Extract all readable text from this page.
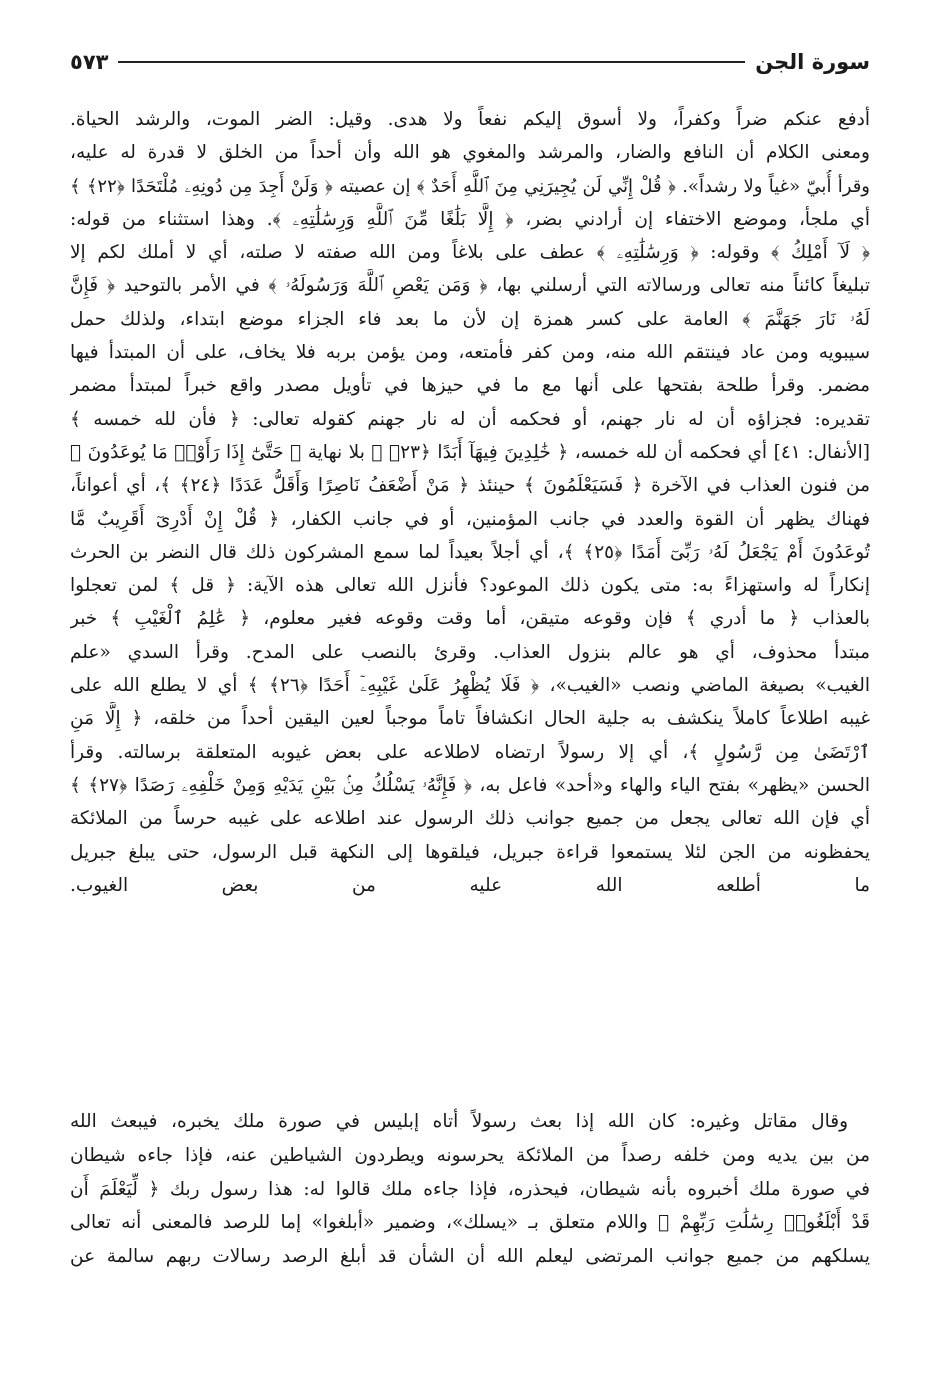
سورة الجن
٥٧٣
أدفع عنكم ضراً وكفراً، ولا أسوق إليكم نفعاً ولا هدى. وقيل: الضر الموت، والرشد الحياة.
ومعنى الكلام أن النافع والضار، والمرشد والمغوي هو الله وأن أحداً من الخلق لا قدرة له عليه،
وقرأ أُبيّ «غياً ولا رشداً». ﴿ قُلْ إِنِّي لَن يُجِيرَنِي مِنَ ٱللَّهِ أَحَدٌ ﴾ إن عصيته ﴿ وَلَنْ أَجِدَ مِن دُونِهِۦ مُلْتَحَدًا ﴿٢٢﴾ ﴾
أي ملجأ، وموضع الاختفاء إن أرادني بضر، ﴿ إِلَّا بَلَٰغًا مِّنَ ٱللَّهِ وَرِسَٰلَٰتِهِۦ ﴾. وهذا استثناء من قوله:
﴿ لَآ أَمْلِكُ ﴾ وقوله: ﴿ وَرِسَٰلَٰتِهِۦ ﴾ عطف على بلاغاً ومن الله صفته لا صلته، أي لا أملك لكم إلا
تبليغاً كائناً منه تعالى ورسالاته التي أرسلني بها، ﴿ وَمَن يَعْصِ ٱللَّهَ وَرَسُولَهُۥ ﴾ في الأمر بالتوحيد ﴿ فَإِنَّ
لَهُۥ نَارَ جَهَنَّمَ ﴾ العامة على كسر همزة إن لأن ما بعد فاء الجزاء موضع ابتداء، ولذلك حمل
سيبويه ومن عاد فينتقم الله منه، ومن كفر فأمتعه، ومن يؤمن بربه فلا يخاف، على أن المبتدأ فيها
مضمر. وقرأ طلحة بفتحها على أنها مع ما في حيزها في تأويل مصدر واقع خبراً لمبتدأ مضمر
تقديره: فجزاؤه أن له نار جهنم، أو فحكمه أن له نار جهنم كقوله تعالى: ﴿ فأن لله خمسه ﴾
[الأنفال: ٤١] أي فحكمه أن لله خمسه، ﴿ خَٰلِدِينَ فِيهَآ أَبَدًا ﴿٢٣﴾ ﴾ بلا نهاية ﴿ حَتَّىٰٓ إِذَا رَأَوْا۟ مَا يُوعَدُونَ ﴾
من فنون العذاب في الآخرة ﴿ فَسَيَعْلَمُونَ ﴾ حينئذ ﴿ مَنْ أَضْعَفُ نَاصِرًا وَأَقَلُّ عَدَدًا ﴿٢٤﴾ ﴾، أي أعواناً،
فهناك يظهر أن القوة والعدد في جانب المؤمنين، أو في جانب الكفار، ﴿ قُلْ إِنْ أَدْرِىٓ أَقَرِيبٌ مَّا
تُوعَدُونَ أَمْ يَجْعَلُ لَهُۥ رَبِّىٓ أَمَدًا ﴿٢٥﴾ ﴾، أي أجلاً بعيداً لما سمع المشركون ذلك قال النضر بن الحرث
إنكاراً له واستهزاءً به: متى يكون ذلك الموعود؟ فأنزل الله تعالى هذه الآية: ﴿ قل ﴾ لمن تعجلوا
بالعذاب ﴿ ما أدري ﴾ فإن وقوعه متيقن، أما وقت وقوعه فغير معلوم، ﴿ عَٰلِمُ ٱلْغَيْبِ ﴾ خبر
مبتدأ محذوف، أي هو عالم بنزول العذاب. وقرئ بالنصب على المدح. وقرأ السدي «علم
الغيب» بصيغة الماضي ونصب «الغيب»، ﴿ فَلَا يُظْهِرُ عَلَىٰ غَيْبِهِۦٓ أَحَدًا ﴿٢٦﴾ ﴾ أي لا يطلع الله على
غيبه اطلاعاً كاملاً ينكشف به جلية الحال انكشافاً تاماً موجباً لعين اليقين أحداً من خلقه، ﴿ إِلَّا مَنِ
ٱرْتَضَىٰ مِن رَّسُولٍ ﴾، أي إلا رسولاً ارتضاه لاطلاعه على بعض غيوبه المتعلقة برسالته. وقرأ
الحسن «يظهر» بفتح الياء والهاء و«أحد» فاعل به، ﴿ فَإِنَّهُۥ يَسْلُكُ مِنۢ بَيْنِ يَدَيْهِ وَمِنْ خَلْفِهِۦ رَصَدًا ﴿٢٧﴾ ﴾
أي فإن الله تعالى يجعل من جميع جوانب ذلك الرسول عند اطلاعه على غيبه حرساً من الملائكة
يحفظونه من الجن لئلا يستمعوا قراءة جبريل، فيلقوها إلى النكهة قبل الرسول، حتى يبلغ جبريل
ما أطلعه الله عليه من بعض الغيوب.
وقال مقاتل وغيره: كان الله إذا بعث رسولاً أتاه إبليس في صورة ملك يخبره، فيبعث الله
من بين يديه ومن خلفه رصداً من الملائكة يحرسونه ويطردون الشياطين عنه، فإذا جاءه شيطان
في صورة ملك أخبروه بأنه شيطان، فيحذره، فإذا جاءه ملك قالوا له: هذا رسول ربك ﴿ لِّيَعْلَمَ أَن
قَدْ أَبْلَغُوا۟ رِسَٰلَٰتِ رَبِّهِمْ ﴾ واللام متعلق بـ «يسلك»، وضمير «أبلغوا» إما للرصد فالمعنى أنه تعالى
يسلكهم من جميع جوانب المرتضى ليعلم الله أن الشأن قد أبلغ الرصد رسالات ربهم سالمة عن
